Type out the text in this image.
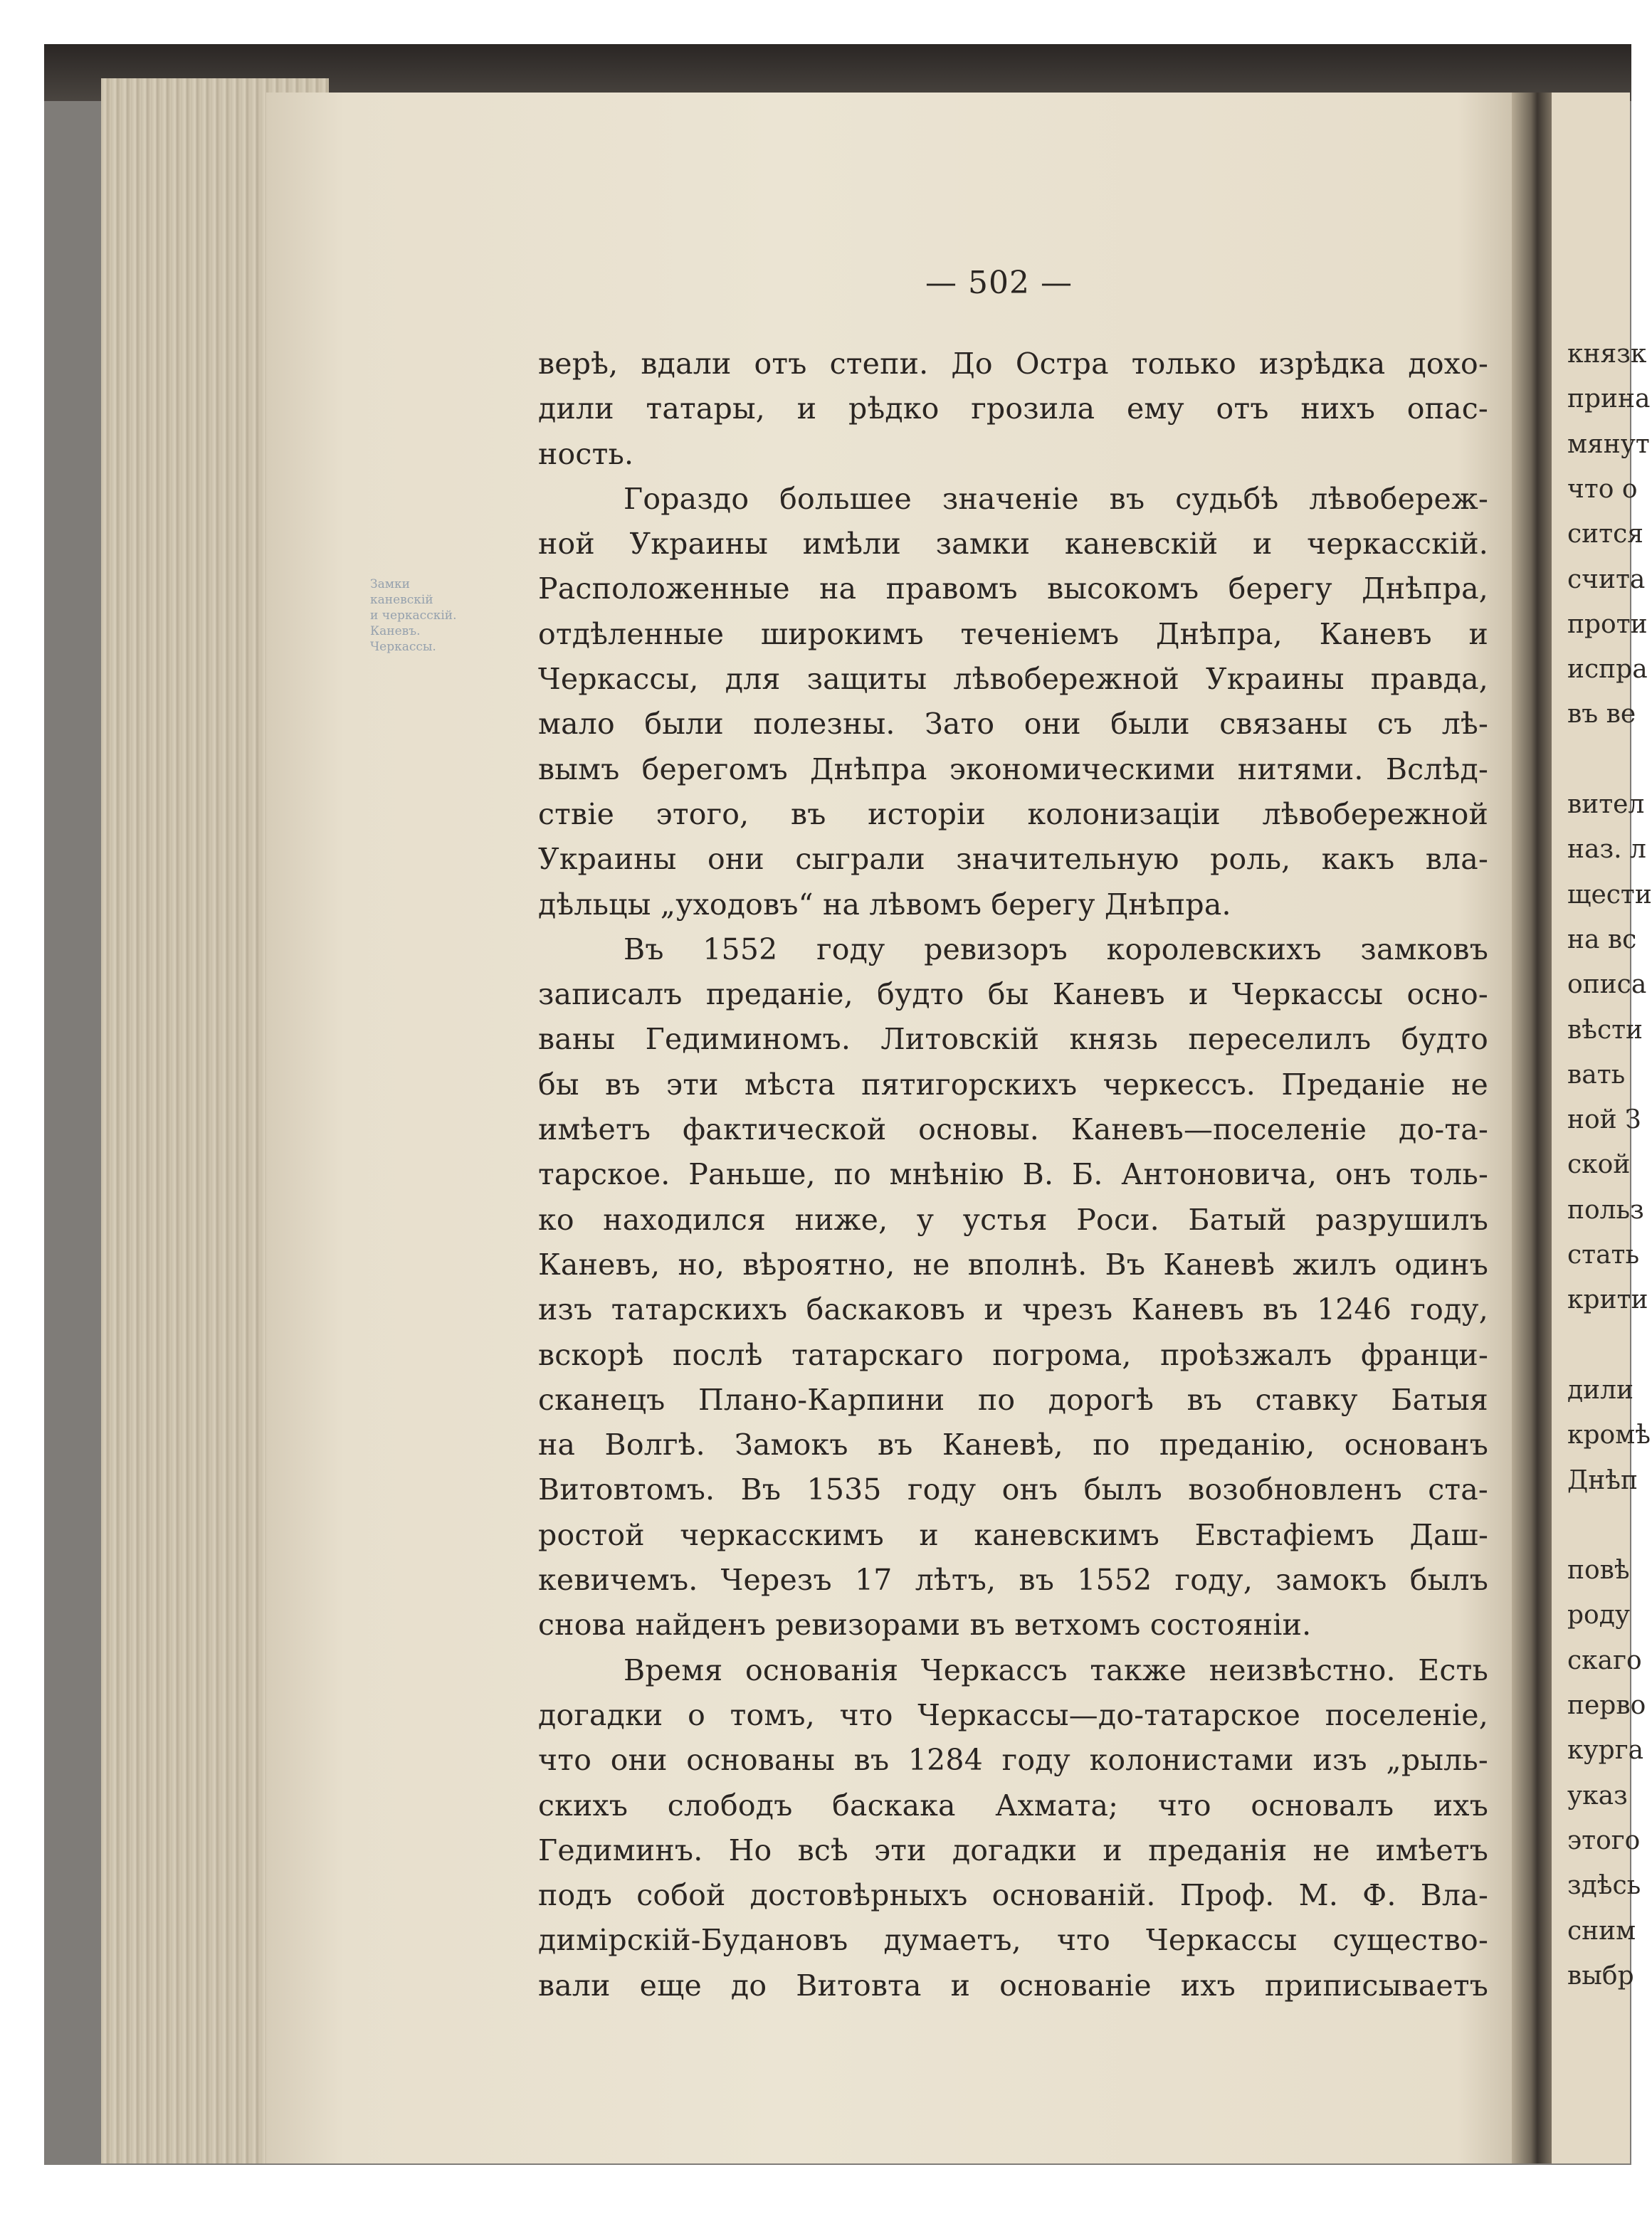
князк
прина
мянут
что о
сится
счита
проти
испра
въ ве
вител
наз. л
щести
на вс
описа
вѣсти
вать
ной З
ской
польз
стать
крити
дили
кромѣ
Днѣп
повѣ
роду
скаго
перво
курга
указ
этого
здѣсь
сним
выбр
Замки каневскій
и черкасскій.
Каневъ.
Черкассы.
— 502 —
верѣ, вдали отъ степи. До Остра только изрѣдка дохо-
дили татары, и рѣдко грозила ему отъ нихъ опас-
ность.
Гораздо большее значеніе въ судьбѣ лѣвобереж-
ной Украины имѣли замки каневскій и черкасскій.
Расположенные на правомъ высокомъ берегу Днѣпра,
отдѣленные широкимъ теченіемъ Днѣпра, Каневъ и
Черкассы, для защиты лѣвобережной Украины правда,
мало были полезны. Зато они были связаны съ лѣ-
вымъ берегомъ Днѣпра экономическими нитями. Вслѣд-
ствіе этого, въ исторіи колонизаціи лѣвобережной
Украины они сыграли значительную роль, какъ вла-
дѣльцы „уходовъ“ на лѣвомъ берегу Днѣпра.
Въ 1552 году ревизоръ королевскихъ замковъ
записалъ преданіе, будто бы Каневъ и Черкассы осно-
ваны Гедиминомъ. Литовскій князь переселилъ будто
бы въ эти мѣста пятигорскихъ черкессъ. Преданіе не
имѣетъ фактической основы. Каневъ—поселеніе до-та-
тарское. Раньше, по мнѣнію В. Б. Антоновича, онъ толь-
ко находился ниже, у устья Роси. Батый разрушилъ
Каневъ, но, вѣроятно, не вполнѣ. Въ Каневѣ жилъ одинъ
изъ татарскихъ баскаковъ и чрезъ Каневъ въ 1246 году,
вскорѣ послѣ татарскаго погрома, проѣзжалъ франци-
сканецъ Плано-Карпини по дорогѣ въ ставку Батыя
на Волгѣ. Замокъ въ Каневѣ, по преданію, основанъ
Витовтомъ. Въ 1535 году онъ былъ возобновленъ ста-
ростой черкасскимъ и каневскимъ Евстафіемъ Даш-
кевичемъ. Черезъ 17 лѣтъ, въ 1552 году, замокъ былъ
снова найденъ ревизорами въ ветхомъ состояніи.
Время основанія Черкассъ также неизвѣстно. Есть
догадки о томъ, что Черкассы—до-татарское поселеніе,
что они основаны въ 1284 году колонистами изъ „рыль-
скихъ слободъ баскака Ахмата; что основалъ ихъ
Гедиминъ. Но всѣ эти догадки и преданія не имѣетъ
подъ собой достовѣрныхъ основаній. Проф. М. Ф. Вла-
димірскій-Будановъ думаетъ, что Черкассы существо-
вали еще до Витовта и основаніе ихъ приписываетъ
